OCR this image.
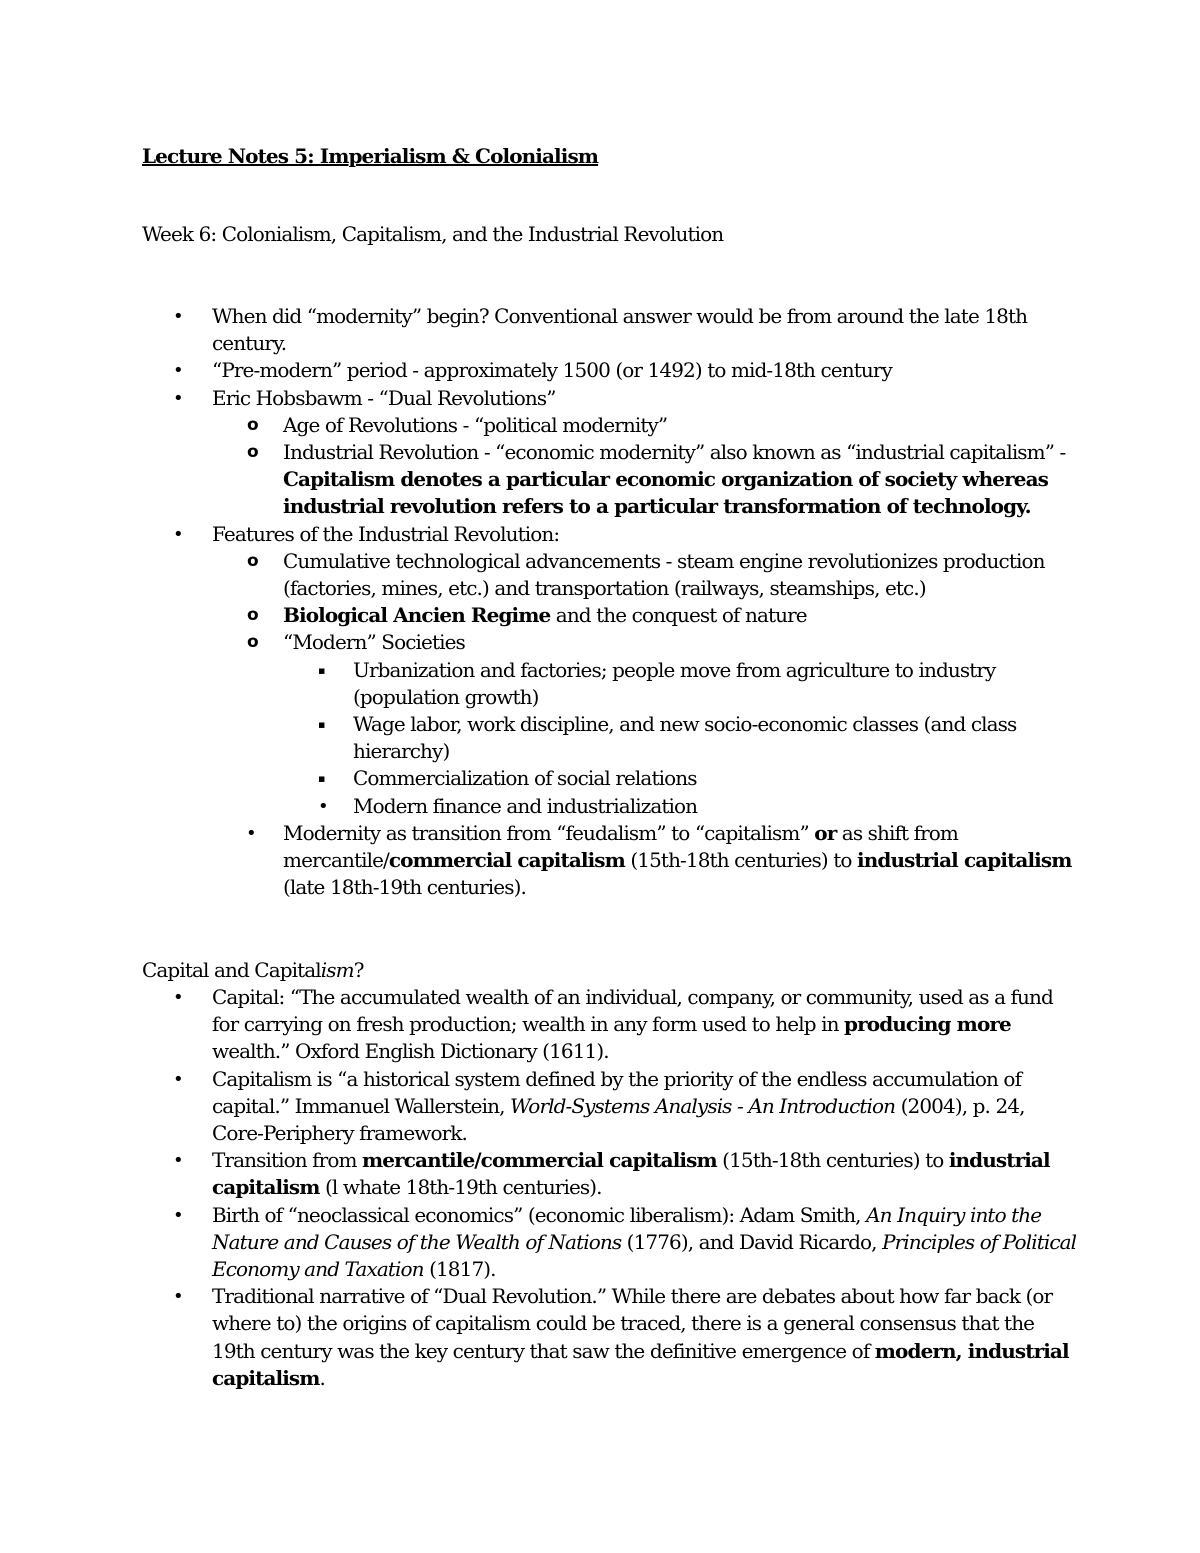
Lecture Notes 5: Imperialism & Colonialism

Week 6: Colonialism, Capitalism, and the Industrial Revolution

• When did “modernity” begin? Conventional answer would be from around the late 18th century.
• “Pre-modern” period - approximately 1500 (or 1492) to mid-18th century
• Eric Hobsbawm - “Dual Revolutions”
o Age of Revolutions - “political modernity”
o Industrial Revolution - “economic modernity” also known as “industrial capitalism” - Capitalism denotes a particular economic organization of society whereas industrial revolution refers to a particular transformation of technology.
• Features of the Industrial Revolution:
o Cumulative technological advancements - steam engine revolutionizes production (factories, mines, etc.) and transportation (railways, steamships, etc.)
o Biological Ancien Regime and the conquest of nature
o “Modern” Societies
▪ Urbanization and factories; people move from agriculture to industry (population growth)
▪ Wage labor, work discipline, and new socio-economic classes (and class hierarchy)
▪ Commercialization of social relations
• Modern finance and industrialization
• Modernity as transition from “feudalism” to “capitalism” or as shift from mercantile/commercial capitalism (15th-18th centuries) to industrial capitalism (late 18th-19th centuries).

Capital and Capitalism?

• Capital: “The accumulated wealth of an individual, company, or community, used as a fund for carrying on fresh production; wealth in any form used to help in producing more wealth.” Oxford English Dictionary (1611).
• Capitalism is “a historical system defined by the priority of the endless accumulation of capital.” Immanuel Wallerstein, World-Systems Analysis - An Introduction (2004), p. 24, Core-Periphery framework.
• Transition from mercantile/commercial capitalism (15th-18th centuries) to industrial capitalism (l whate 18th-19th centuries).
• Birth of “neoclassical economics” (economic liberalism): Adam Smith, An Inquiry into the Nature and Causes of the Wealth of Nations (1776), and David Ricardo, Principles of Political Economy and Taxation (1817).
• Traditional narrative of “Dual Revolution.” While there are debates about how far back (or where to) the origins of capitalism could be traced, there is a general consensus that the 19th century was the key century that saw the definitive emergence of modern, industrial capitalism.
